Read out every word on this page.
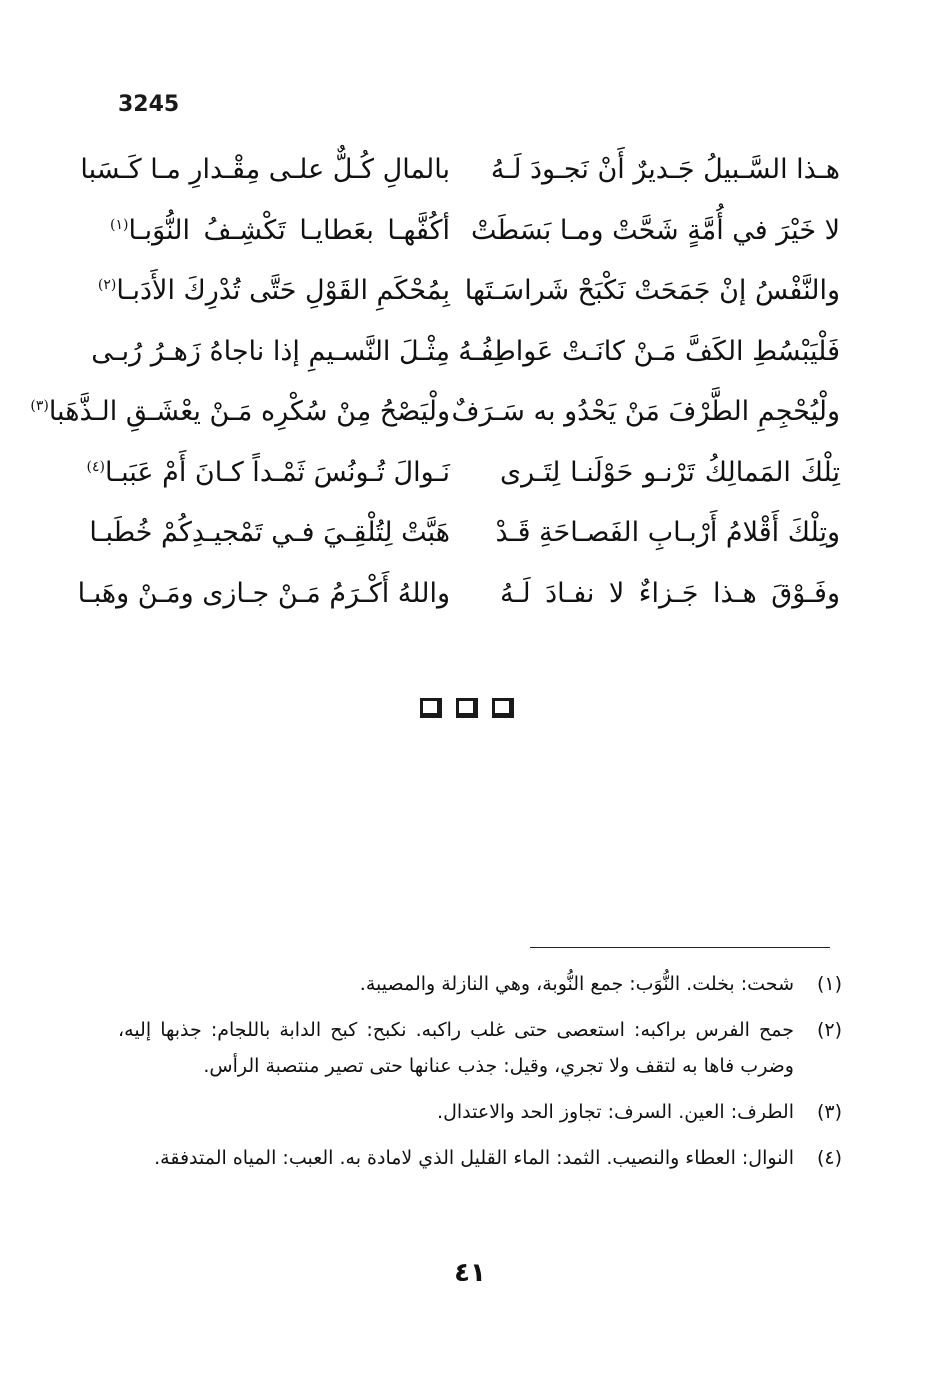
3245
هـذا السَّـبيلُ جَـديرٌ أَنْ نَجـودَ لَـهُ
بالمالِ كُـلٌّ علـى مِقْـدارِ مـا كَـسَبا
لا خَيْرَ في أُمَّةٍ شَحَّتْ ومـا بَسَطَتْ
أكُفَّهـا بعَطايـا تَكْشِـفُ النُّوَبـا$^{(١)}$
والنَّفْسُ إنْ جَمَحَتْ نَكْبَحْ شَراسَـتَها
بِمُحْكَمِ القَوْلِ حَتَّى تُدْرِكَ الأَدَبـا$^{(٢)}$
فَلْيَبْسُطِ الكَفَّ مَـنْ كانَـتْ عَواطِفُـهُ
مِثْـلَ النَّسـيمِ إذا ناجاهُ زَهـرُ رُبـى
ولْيُحْجِمِ الطَّرْفَ مَنْ يَحْدُو به سَـرَفٌ
ولْيَصْحُ مِنْ سُكْرِه مَـنْ يعْشَـقِ الـذَّهَبا$^{(٣)}$
تِلْكَ المَمالِكُ تَرْنـو حَوْلَنـا لِتَـرى
نَـوالَ تُـونُسَ ثَمْـداً كـانَ أَمْ عَبَبـا$^{(٤)}$
وتِلْكَ أَقْلامُ أَرْبـابِ الفَصـاحَةِ قَـدْ
هَبَّتْ لِتُلْقِـيَ فـي تَمْجيـدِكُمْ خُطَبـا
وفَـوْقَ هـذا جَـزاءٌ لا نفـادَ لَـهُ
واللهُ أَكْـرَمُ مَـنْ جـازى ومَـنْ وهَبـا
(١)
شحت: بخلت. النُّوَب: جمع النُّوبة، وهي النازلة والمصيبة.
(٢)
جمح الفرس براكبه: استعصى حتى غلب راكبه. نكبح: كبح الدابة باللجام: جذبها إليه، وضرب فاها به لتقف ولا تجري، وقيل: جذب عنانها حتى تصير منتصبة الرأس.
(٣)
الطرف: العين. السرف: تجاوز الحد والاعتدال.
(٤)
النوال: العطاء والنصيب. الثمد: الماء القليل الذي لامادة به. العبب: المياه المتدفقة.
٤١
